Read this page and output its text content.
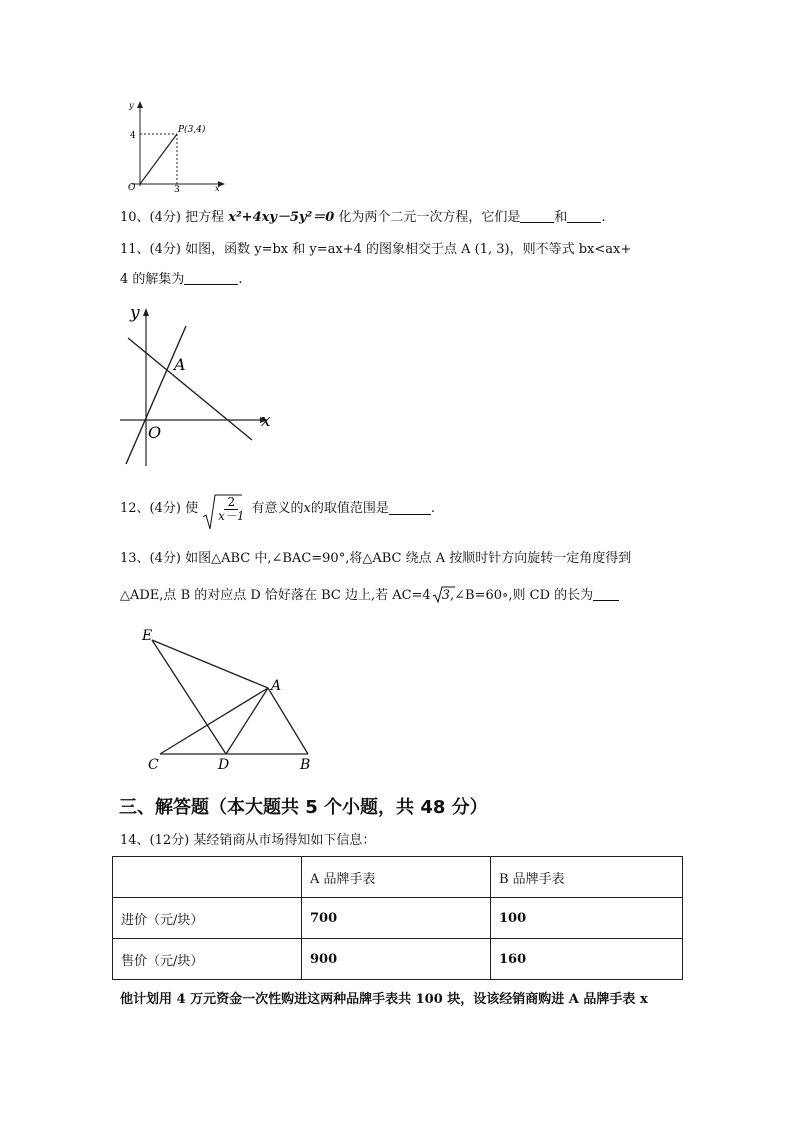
y
x
O
4
3
P(3,4)
10、(4分) 把方程 x²+4xy－5y²＝0 化为两个二元一次方程，它们是	和	.
11、(4分) 如图，函数 y=bx 和 y=ax+4 的图象相交于点 A (1, 3)，则不等式 bx<ax+
4 的解集为	.
y
x
A
O
12、(4分) 使 $\frac{2}{x-1}$ 有意义的 x 的取值范围是	.
13、(4分) 如图△ABC 中,∠BAC=90°,将△ABC 绕点 A 按顺时针方向旋转一定角度得到
△ADE,点 B 的对应点 D 恰好落在 BC 边上,若 AC=4 3,∠B=60∘,则 CD 的长为
E
A
C	D	B
三、解答题（本大题共 5 个小题，共 48 分）
14、(12分) 某经销商从市场得知如下信息：
	A 品牌手表	B 品牌手表
进价（元/块）	700	100
售价（元/块）	900	160
他计划用 4 万元资金一次性购进这两种品牌手表共 100 块，设该经销商购进 A 品牌手表 x
